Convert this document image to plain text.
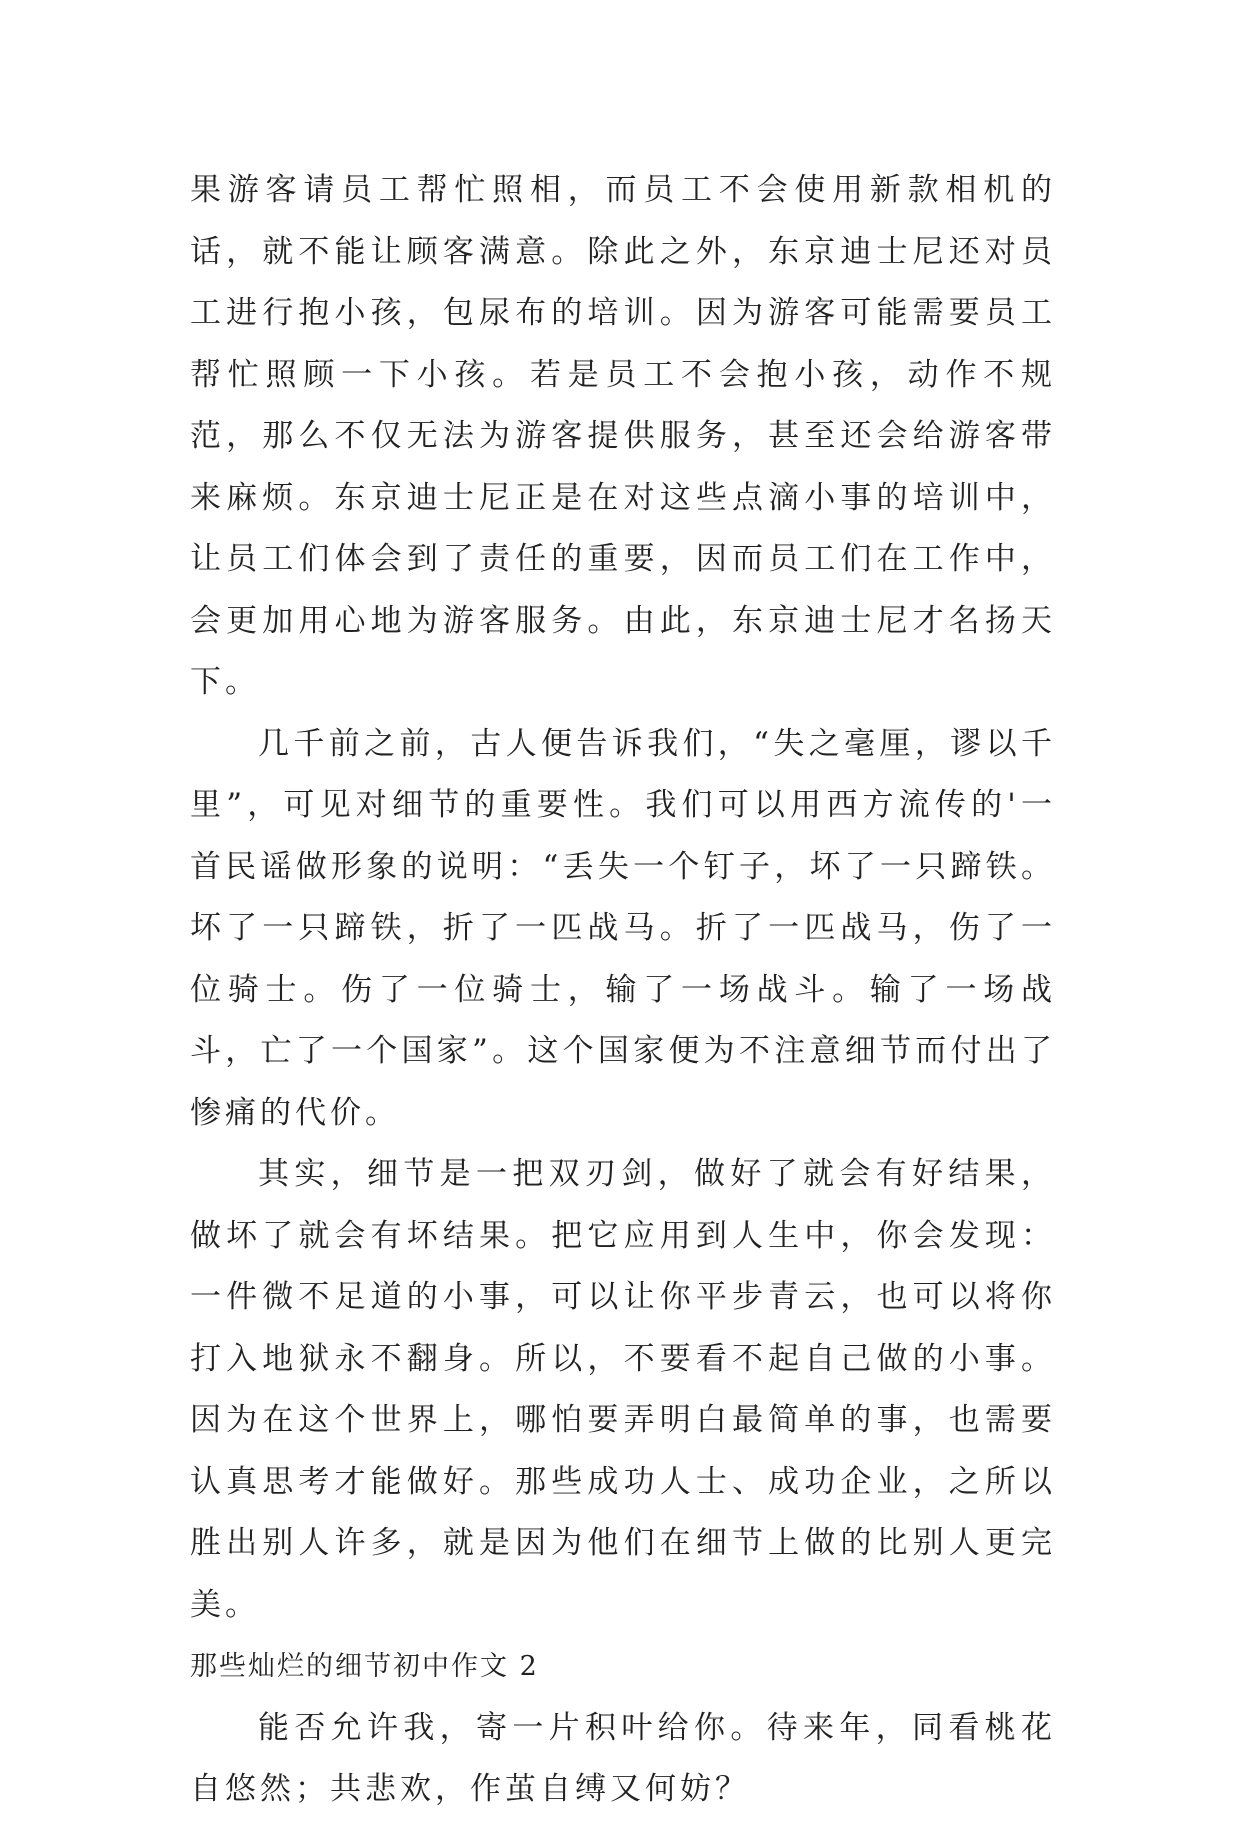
果游客请员工帮忙照相，而员工不会使用新款相机的话，就不能让顾客满意。除此之外，东京迪士尼还对员工进行抱小孩，包尿布的培训。因为游客可能需要员工帮忙照顾一下小孩。若是员工不会抱小孩，动作不规范，那么不仅无法为游客提供服务，甚至还会给游客带来麻烦。东京迪士尼正是在对这些点滴小事的培训中，让员工们体会到了责任的重要，因而员工们在工作中，会更加用心地为游客服务。由此，东京迪士尼才名扬天下。

几千前之前，古人便告诉我们，“失之毫厘，谬以千里”，可见对细节的重要性。我们可以用西方流传的'一首民谣做形象的说明：“丢失一个钉子，坏了一只蹄铁。坏了一只蹄铁，折了一匹战马。折了一匹战马，伤了一位骑士。伤了一位骑士，输了一场战斗。输了一场战斗，亡了一个国家”。这个国家便为不注意细节而付出了惨痛的代价。

其实，细节是一把双刃剑，做好了就会有好结果，做坏了就会有坏结果。把它应用到人生中，你会发现：一件微不足道的小事，可以让你平步青云，也可以将你打入地狱永不翻身。所以，不要看不起自己做的小事。因为在这个世界上，哪怕要弄明白最简单的事，也需要认真思考才能做好。那些成功人士、成功企业，之所以胜出别人许多，就是因为他们在细节上做的比别人更完美。

那些灿烂的细节初中作文 2

能否允许我，寄一片积叶给你。待来年，同看桃花自悠然；共悲欢，作茧自缚又何妨？
